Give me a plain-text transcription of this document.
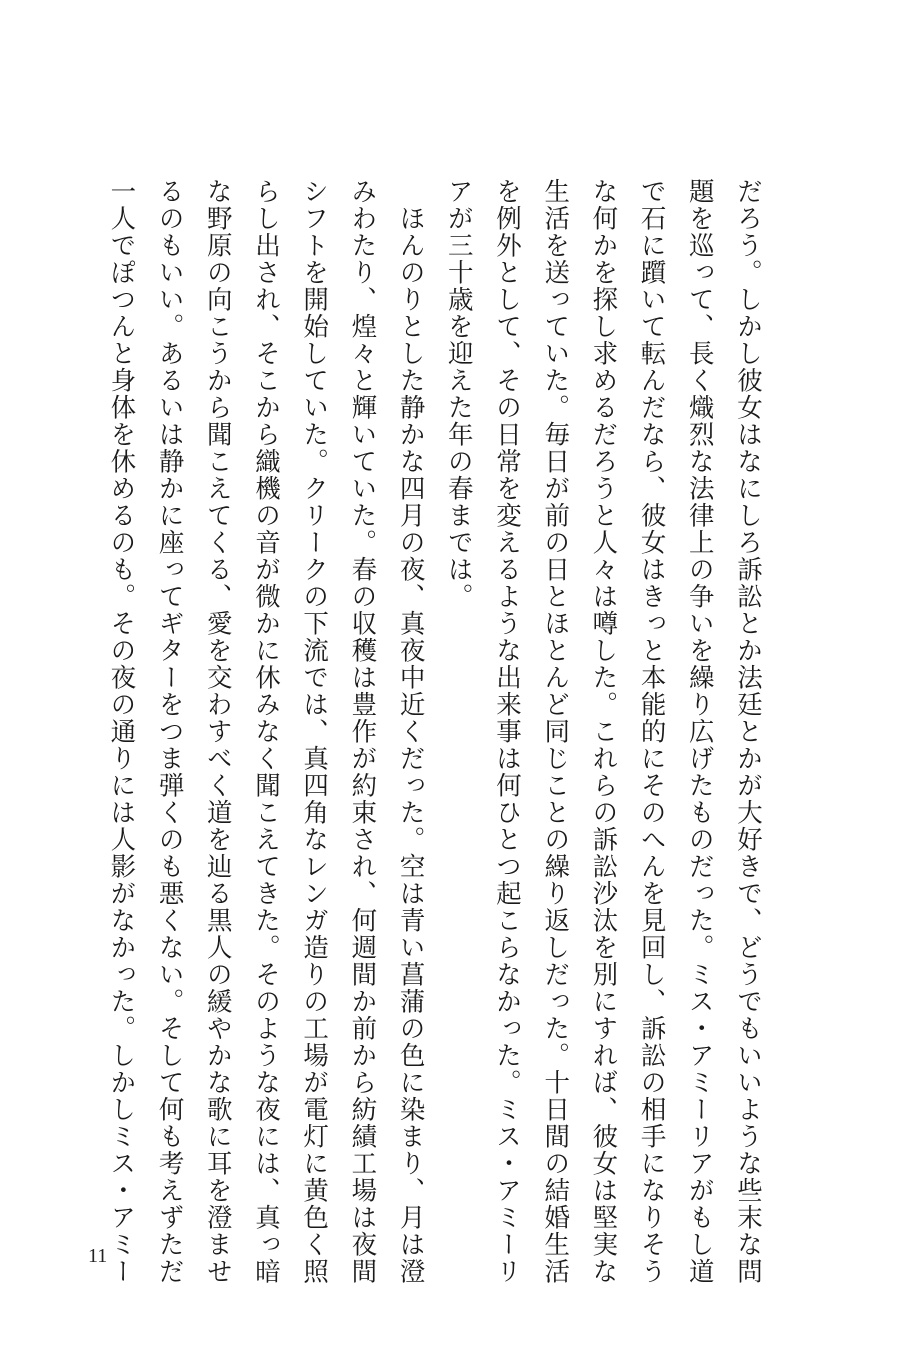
だろう。しかし彼女はなにしろ訴訟とか法廷とかが大好きで、どうでもいいような些末な問
題を巡って、長く熾烈な法律上の争いを繰り広げたものだった。ミス・アミーリアがもし道
で石に躓いて転んだなら、彼女はきっと本能的にそのへんを見回し、訴訟の相手になりそう
な何かを探し求めるだろうと人々は噂した。これらの訴訟沙汰を別にすれば、彼女は堅実な
生活を送っていた。毎日が前の日とほとんど同じことの繰り返しだった。十日間の結婚生活
を例外として、その日常を変えるような出来事は何ひとつ起こらなかった。ミス・アミーリ
アが三十歳を迎えた年の春までは。
　ほんのりとした静かな四月の夜、真夜中近くだった。空は青い菖蒲の色に染まり、月は澄
みわたり、煌々と輝いていた。春の収穫は豊作が約束され、何週間か前から紡績工場は夜間
シフトを開始していた。クリークの下流では、真四角なレンガ造りの工場が電灯に黄色く照
らし出され、そこから織機の音が微かに休みなく聞こえてきた。そのような夜には、真っ暗
な野原の向こうから聞こえてくる、愛を交わすべく道を辿る黒人の緩やかな歌に耳を澄ませ
るのもいい。あるいは静かに座ってギターをつま弾くのも悪くない。そして何も考えずただ
一人でぽつんと身体を休めるのも。その夜の通りには人影がなかった。しかしミス・アミー
11
